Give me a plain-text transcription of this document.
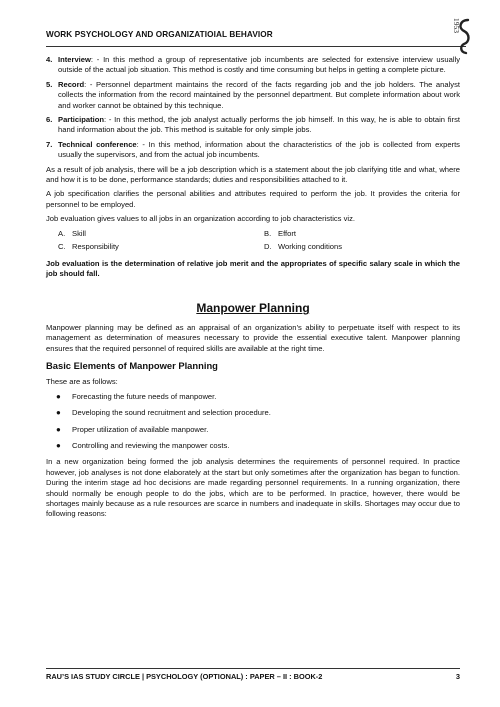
WORK PSYCHOLOGY AND ORGANIZATIOIAL BEHAVIOR
1953
4. Interview: - In this method a group of representative job incumbents are selected for extensive interview usually outside of the actual job situation. This method is costly and time consuming but helps in getting a complete picture.
5. Record: - Personnel department maintains the record of the facts regarding job and the job holders. The analyst collects the information from the record maintained by the personnel department. But complete information about work and worker cannot be obtained by this technique.
6. Participation: - In this method, the job analyst actually performs the job himself. In this way, he is able to obtain first hand information about the job. This method is suitable for only simple jobs.
7. Technical conference: - In this method, information about the characteristics of the job is collected from experts usually the supervisors, and from the actual job incumbents.

As a result of job analysis, there will be a job description which is a statement about the job clarifying title and what, where and how it is to be done, performance standards; duties and responsibilities attached to it.

A job specification clarifies the personal abilities and attributes required to perform the job. It provides the criteria for personnel to be employed.

Job evaluation gives values to all jobs in an organization according to job characteristics viz.

A. Skill	B. Effort
C. Responsibility	D. Working conditions
Job evaluation is the determination of relative job merit and the appropriates of specific salary scale in which the job should fall.
Manpower Planning

Manpower planning may be defined as an appraisal of an organization’s ability to perpetuate itself with respect to its management as determination of measures necessary to provide the essential executive talent. Manpower planning ensures that the required personnel of required skills are available at the right time.

Basic Elements of Manpower Planning

These are as follows:

●	Forecasting the future needs of manpower.
●	Developing the sound recruitment and selection procedure.
●	Proper utilization of available manpower.
●	Controlling and reviewing the manpower costs.

In a new organization being formed the job analysis determines the requirements of personnel required. In practice however, job analyses is not done elaborately at the start but only sometimes after the organization has began to function. During the interim stage ad hoc decisions are made regarding personnel requirements. In a running organization, there should normally be enough people to do the jobs, which are to be performed. In practice, however, there would be shortages mainly because as a rule resources are scarce in numbers and inadequate in skills. Shortages may occur due to following reasons:

RAU’S IAS STUDY CIRCLE | PSYCHOLOGY (OPTIONAL) : PAPER – II : BOOK-2	3
